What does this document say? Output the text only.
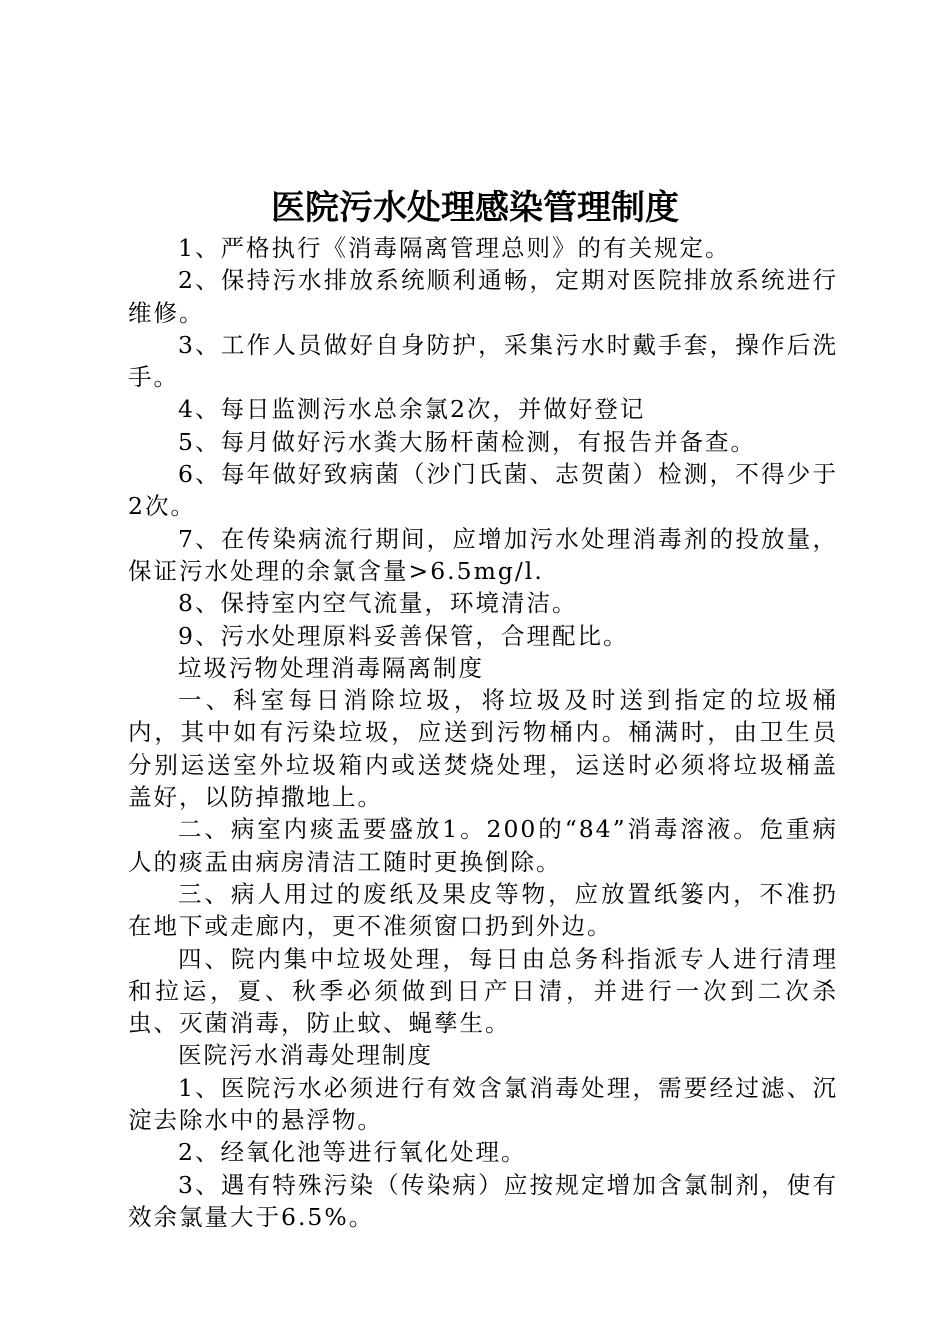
医院污水处理感染管理制度

1、严格执行《消毒隔离管理总则》的有关规定。

2、保持污水排放系统顺利通畅，定期对医院排放系统进行维修。

3、工作人员做好自身防护，采集污水时戴手套，操作后洗手。

4、每日监测污水总余氯2次，并做好登记

5、每月做好污水粪大肠杆菌检测，有报告并备查。

6、每年做好致病菌（沙门氏菌、志贺菌）检测，不得少于2次。

7、在传染病流行期间，应增加污水处理消毒剂的投放量，保证污水处理的余氯含量>6.5mg/l.

8、保持室内空气流量，环境清洁。

9、污水处理原料妥善保管，合理配比。

垃圾污物处理消毒隔离制度

一、科室每日消除垃圾，将垃圾及时送到指定的垃圾桶内，其中如有污染垃圾，应送到污物桶内。桶满时，由卫生员分别运送室外垃圾箱内或送焚烧处理，运送时必须将垃圾桶盖盖好，以防掉撒地上。

二、病室内痰盂要盛放1。200的“84”消毒溶液。危重病人的痰盂由病房清洁工随时更换倒除。

三、病人用过的废纸及果皮等物，应放置纸篓内，不准扔在地下或走廊内，更不准须窗口扔到外边。

四、院内集中垃圾处理，每日由总务科指派专人进行清理和拉运，夏、秋季必须做到日产日清，并进行一次到二次杀虫、灭菌消毒，防止蚊、蝇孳生。

医院污水消毒处理制度

1、医院污水必须进行有效含氯消毒处理，需要经过滤、沉淀去除水中的悬浮物。

2、经氧化池等进行氧化处理。

3、遇有特殊污染（传染病）应按规定增加含氯制剂，使有效余氯量大于6.5%。
